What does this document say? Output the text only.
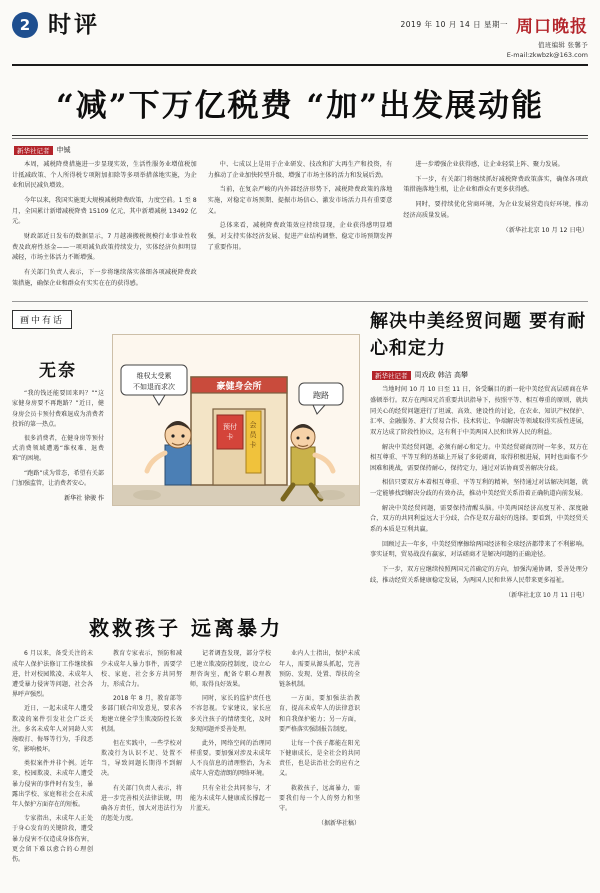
2 时评	2019 年 10 月 14 日 星期一 周口晚报
值班编辑 张馨予
E-mail:zkwbzk@163.com
“减”下万亿税费 “加”出发展动能
新华社记者	申铖

本周，减税降费措施进一步显现实效，生活性服务业增值税加计抵减政策、个人所得税专项附加扣除等多项举措落地实施，为企业和居民减负增效。

今年以来，我国实施更大规模减税降费政策，力度空前。1 至 8 月，全国累计新增减税降费 15109 亿元，其中新增减税 13492 亿元。

财政部近日发布的数据显示，7 月越凑搬税规模行业事业性收费及政府性基金——一项项减负政策持续发力，实体经济负担明显减轻，市场主体活力不断增强。

有关部门负责人表示，下一步将继续落实落细各项减税降费政策措施，确保企业和群众有实实在在的获得感。

中、七成以上是用于企业研发、技改和扩大再生产和投资，有力推动了企业加快转型升级、增强了市场主体的活力和发展后劲。

当前，在复杂严峻的内外部经济形势下，减税降费政策的落地实施，对稳定市场预期、提振市场信心、激发市场活力具有重要意义。

总体来看，减税降费政策效应持续显现，企业获得感明显增强，对支持实体经济发展、促进产业结构调整、稳定市场预期发挥了重要作用。

进一步增强企业获得感，让企业轻装上阵、聚力发展。

下一步，有关部门将继续抓好减税降费政策落实，确保各项政策措施落地生根，让企业和群众有更多获得感。

同时，要持续优化营商环境，为企业发展营造良好环境，推动经济高质量发展。

（新华社北京 10 月 12 日电）
画中有话
无奈

“我的钱还能要回来吗？”“这家健身房要不再跑路？”近日，健身房会员卡预付费难退成为消费者投诉的第一热点。

很多消费者，在健身房等预付式消费领域遭遇“维权难、退费难”的困境。

“跑路”成为常态，希望有关部门加强监管，让消费者安心。

新华社 徐骏 作
豪健身会所
预付
卡
会
员
卡
维权太受累
不如退而求次
跑路
解决中美经贸问题 要有耐心和定力
新华社记者	周戏政 韩洁 高攀

当地时间 10 月 10 日至 11 日，备受瞩目的新一轮中美经贸高层磋商在华盛顿举行。双方在两国元首重要共识指导下，按照平等、相互尊重的原则，就共同关心的经贸问题进行了坦诚、高效、建设性的讨论，在农业、知识产权保护、汇率、金融服务、扩大贸易合作、技术转让、争端解决等领域取得实质性进展，双方达成了阶段性协议，这有利于中美两国人民和世界人民的利益。

解决中美经贸问题，必须有耐心和定力。中美经贸磋商历时一年多，双方在相互尊重、平等互利的基础上开展了多轮磋商，取得积极进展，同时也面临不少困难和挑战，需要保持耐心，保持定力，通过对话协商妥善解决分歧。

相信只要双方本着相互尊重、平等互利的精神，坚持通过对话解决问题，就一定能够找到解决分歧的有效办法，推动中美经贸关系沿着正确轨道向前发展。

解决中美经贸问题，需要保持清醒头脑。中美两国经济高度互补、深度融合，双方的共同利益远大于分歧，合作是双方最好的选择。要看到，中美经贸关系的本质是互利共赢。

回顾过去一年多，中美经贸摩擦给两国经济和全球经济都带来了不利影响。事实证明，贸易战没有赢家，对话磋商才是解决问题的正确途径。

下一步，双方应继续按照两国元首确定的方向，加强沟通协调，妥善处理分歧，推动经贸关系健康稳定发展，为两国人民和世界人民带来更多福祉。

（新华社北京 10 月 11 日电）
救救孩子 远离暴力

6 月以来，备受关注的未成年人保护法修订工作继续推进，针对校园欺凌、未成年人遭受暴力侵害等问题，社会各界呼声强烈。

近日，一起未成年人遭受欺凌的案件引发社会广泛关注。多名未成年人对同龄人实施殴打、侮辱等行为，手段恶劣，影响极坏。

类似案件并非个例。近年来，校园欺凌、未成年人遭受暴力侵害的事件时有发生，暴露出学校、家庭和社会在未成年人保护方面存在的短板。

专家指出，未成年人正处于身心发育的关键阶段，遭受暴力侵害不仅造成身体伤害，更会留下难以愈合的心理创伤。

教育专家表示，预防和减少未成年人暴力事件，需要学校、家庭、社会多方共同努力，形成合力。

2018 年 8 月，教育部等多部门联合印发意见，要求各地建立健全学生欺凌防控长效机制。

但在实践中，一些学校对欺凌行为认识不足、处置不当，导致问题长期得不到解决。

有关部门负责人表示，将进一步完善相关法律法规，明确各方责任，加大对违法行为的惩处力度。

记者调查发现，部分学校已建立欺凌防控制度，设立心理咨询室，配备专职心理教师，取得良好效果。

同时，家长的监护责任也不容忽视。专家建议，家长应多关注孩子的情绪变化，及时发现问题并妥善处理。

此外，网络空间的治理同样重要。要加强对涉及未成年人不良信息的清理整治，为未成年人营造清朗的网络环境。

只有全社会共同参与，才能为未成年人健康成长撑起一片蓝天。

业内人士指出，保护未成年人，需要从源头抓起，完善预防、发现、处置、帮扶的全链条机制。

一方面，要加强法治教育，提高未成年人的法律意识和自我保护能力；另一方面，要严格落实强制报告制度。

让每一个孩子都能在阳光下健康成长，是全社会的共同责任，也是法治社会的应有之义。

救救孩子，远离暴力，需要我们每一个人的努力和坚守。

（据新华社稿）
